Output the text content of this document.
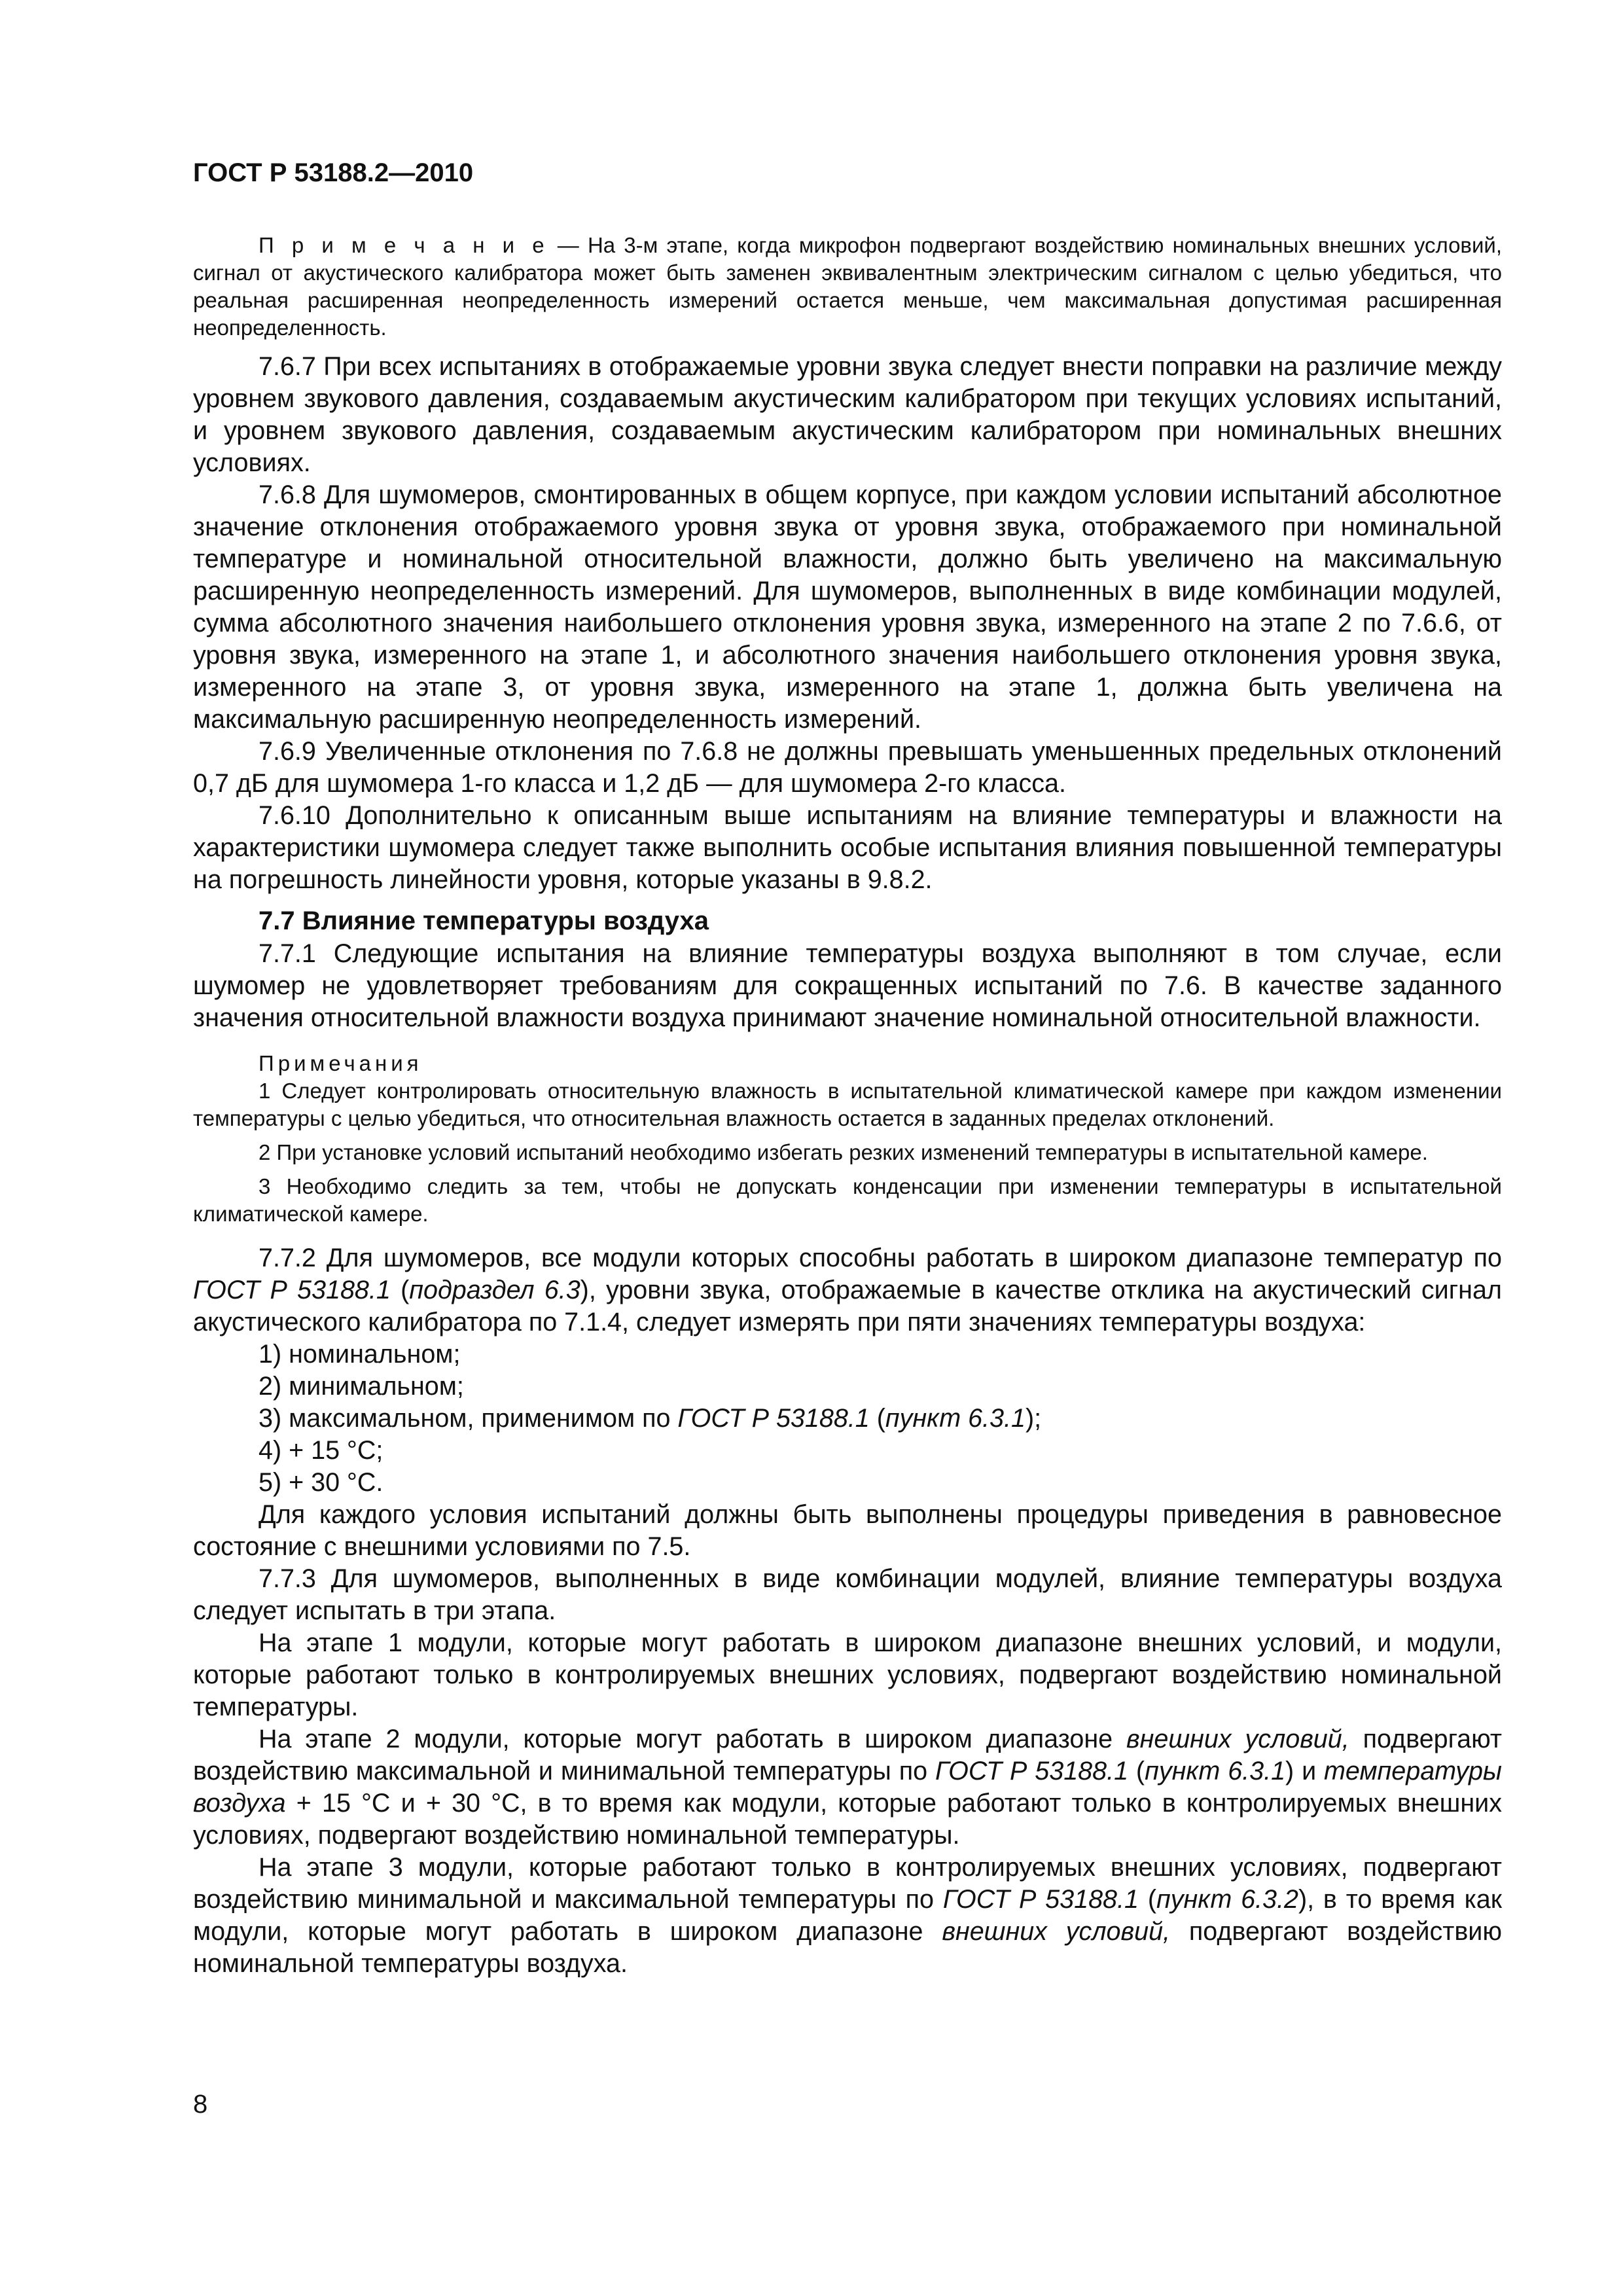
ГОСТ Р 53188.2—2010

П р и м е ч а н и е — На 3-м этапе, когда микрофон подвергают воздействию номинальных внешних условий, сигнал от акустического калибратора может быть заменен эквивалентным электрическим сигналом с целью убедиться, что реальная расширенная неопределенность измерений остается меньше, чем максимальная допустимая расширенная неопределенность.

7.6.7 При всех испытаниях в отображаемые уровни звука следует внести поправки на различие между уровнем звукового давления, создаваемым акустическим калибратором при текущих условиях испытаний, и уровнем звукового давления, создаваемым акустическим калибратором при номинальных внешних условиях.

7.6.8 Для шумомеров, смонтированных в общем корпусе, при каждом условии испытаний абсолютное значение отклонения отображаемого уровня звука от уровня звука, отображаемого при номинальной температуре и номинальной относительной влажности, должно быть увеличено на максимальную расширенную неопределенность измерений. Для шумомеров, выполненных в виде комбинации модулей, сумма абсолютного значения наибольшего отклонения уровня звука, измеренного на этапе 2 по 7.6.6, от уровня звука, измеренного на этапе 1, и абсолютного значения наибольшего отклонения уровня звука, измеренного на этапе 3, от уровня звука, измеренного на этапе 1, должна быть увеличена на максимальную расширенную неопределенность измерений.

7.6.9 Увеличенные отклонения по 7.6.8 не должны превышать уменьшенных предельных отклонений 0,7 дБ для шумомера 1-го класса и 1,2 дБ — для шумомера 2-го класса.

7.6.10 Дополнительно к описанным выше испытаниям на влияние температуры и влажности на характеристики шумомера следует также выполнить особые испытания влияния повышенной температуры на погрешность линейности уровня, которые указаны в 9.8.2.

7.7 Влияние температуры воздуха

7.7.1 Следующие испытания на влияние температуры воздуха выполняют в том случае, если шумомер не удовлетворяет требованиям для сокращенных испытаний по 7.6. В качестве заданного значения относительной влажности воздуха принимают значение номинальной относительной влажности.

Примечания

1 Следует контролировать относительную влажность в испытательной климатической камере при каждом изменении температуры с целью убедиться, что относительная влажность остается в заданных пределах отклонений.

2 При установке условий испытаний необходимо избегать резких изменений температуры в испытательной камере.

3 Необходимо следить за тем, чтобы не допускать конденсации при изменении температуры в испытательной климатической камере.

7.7.2 Для шумомеров, все модули которых способны работать в широком диапазоне температур по ГОСТ Р 53188.1 (подраздел 6.3), уровни звука, отображаемые в качестве отклика на акустический сигнал акустического калибратора по 7.1.4, следует измерять при пяти значениях температуры воздуха:

1) номинальном;
2) минимальном;
3) максимальном, применимом по ГОСТ Р 53188.1 (пункт 6.3.1);
4) + 15 °С;
5) + 30 °С.

Для каждого условия испытаний должны быть выполнены процедуры приведения в равновесное состояние с внешними условиями по 7.5.

7.7.3 Для шумомеров, выполненных в виде комбинации модулей, влияние температуры воздуха следует испытать в три этапа.

На этапе 1 модули, которые могут работать в широком диапазоне внешних условий, и модули, которые работают только в контролируемых внешних условиях, подвергают воздействию номинальной температуры.

На этапе 2 модули, которые могут работать в широком диапазоне внешних условий, подвергают воздействию максимальной и минимальной температуры по ГОСТ Р 53188.1 (пункт 6.3.1) и температуры воздуха + 15 °С и + 30 °С, в то время как модули, которые работают только в контролируемых внешних условиях, подвергают воздействию номинальной температуры.

На этапе 3 модули, которые работают только в контролируемых внешних условиях, подвергают воздействию минимальной и максимальной температуры по ГОСТ Р 53188.1 (пункт 6.3.2), в то время как модули, которые могут работать в широком диапазоне внешних условий, подвергают воздействию номинальной температуры воздуха.

8
